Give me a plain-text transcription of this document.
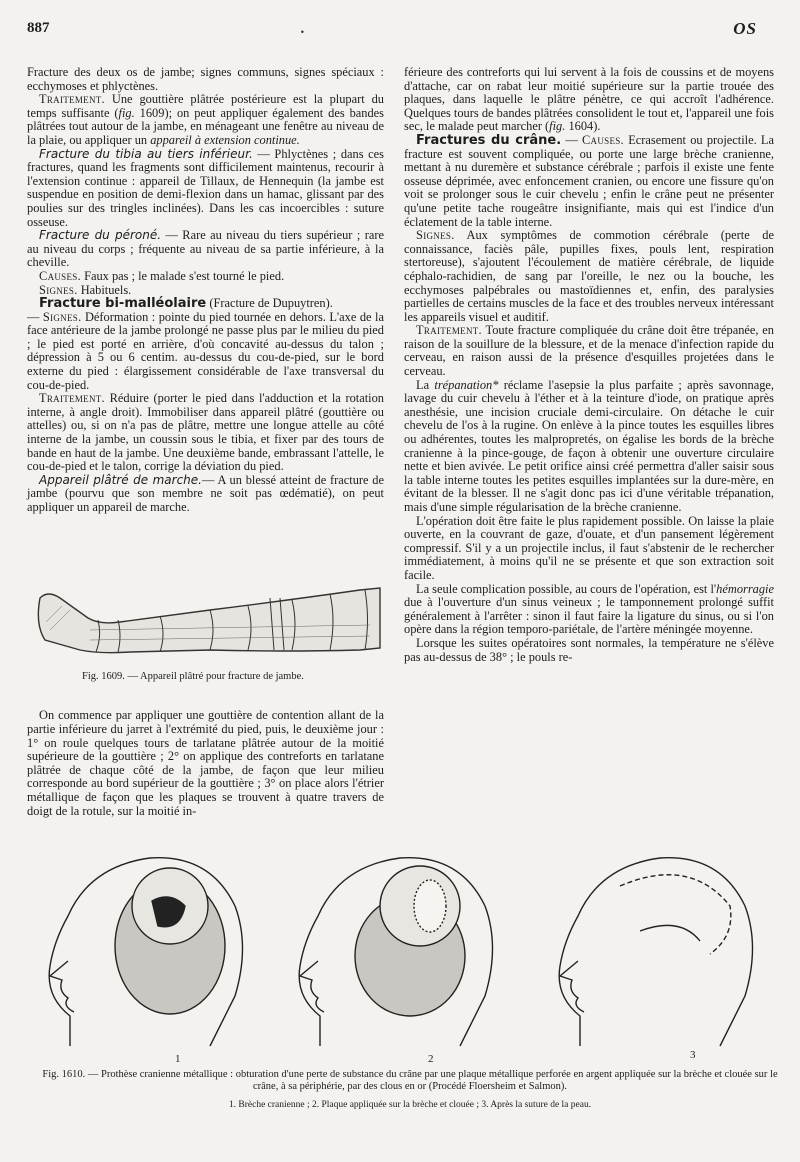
887	•	OS

Fracture des deux os de jambe; signes communs, signes spéciaux : ecchymoses et phlyctènes.

Traitement. Une gouttière plâtrée postérieure est la plupart du temps suffisante (fig. 1609); on peut appliquer également des bandes plâtrées tout autour de la jambe, en ménageant une fenêtre au niveau de la plaie, ou appliquer un appareil à extension continue.

Fracture du tibia au tiers inférieur. — Phlyctènes ; dans ces fractures, quand les fragments sont difficilement maintenus, recourir à l'extension continue : appareil de Tillaux, de Hennequin (la jambe est suspendue en position de demi-flexion dans un hamac, glissant par des poulies sur des tringles inclinées). Dans les cas incoercibles : suture osseuse.

Fracture du péroné. — Rare au niveau du tiers supérieur ; rare au niveau du corps ; fréquente au niveau de sa partie inférieure, à la cheville.

Causes. Faux pas ; le malade s'est tourné le pied.

Signes. Habituels.

Fracture bi-malléolaire (Fracture de Dupuytren).

— Signes. Déformation : pointe du pied tournée en dehors. L'axe de la face antérieure de la jambe prolongé ne passe plus par le milieu du pied ; le pied est porté en arrière, d'où concavité au-dessus du talon ; dépression à 5 ou 6 centim. au-dessus du cou-de-pied, sur le bord externe du pied : élargissement considérable de l'axe transversal du cou-de-pied.

Traitement. Réduire (porter le pied dans l'adduction et la rotation interne, à angle droit). Immobiliser dans appareil plâtré (gouttière ou attelles) ou, si on n'a pas de plâtre, mettre une longue attelle au côté interne de la jambe, un coussin sous le tibia, et fixer par des tours de bande en haut de la jambe. Une deuxième bande, embrassant l'attelle, le cou-de-pied et le talon, corrige la déviation du pied.

Appareil plâtré de marche.— A un blessé atteint de fracture de jambe (pourvu que son membre ne soit pas œdématié), on peut appliquer un appareil de marche.

Fig. 1609. — Appareil plâtré pour fracture de jambe.

On commence par appliquer une gouttière de contention allant de la partie inférieure du jarret à l'extrémité du pied, puis, le deuxième jour : 1° on roule quelques tours de tarlatane plâtrée autour de la moitié supérieure de la gouttière ; 2° on applique des contreforts en tarlatane plâtrée de chaque côté de la jambe, de façon que leur milieu corresponde au bord supérieur de la gouttière ; 3° on place alors l'étrier métallique de façon que les plaques se trouvent à quatre travers de doigt de la rotule, sur la moitié in-

férieure des contreforts qui lui servent à la fois de coussins et de moyens d'attache, car on rabat leur moitié supérieure sur la partie trouée des plaques, dans laquelle le plâtre pénètre, ce qui accroît l'adhérence. Quelques tours de bandes plâtrées consolident le tout et, l'appareil une fois sec, le malade peut marcher (fig. 1604).

Fractures du crâne. — Causes. Ecrasement ou projectile. La fracture est souvent compliquée, ou porte une large brèche cranienne, mettant à nu duremère et substance cérébrale ; parfois il existe une fente osseuse déprimée, avec enfoncement cranien, ou encore une fissure qu'on voit se prolonger sous le cuir chevelu ; enfin le crâne peut ne présenter qu'une petite tache rougeâtre insignifiante, mais qui est l'indice d'un éclatement de la table interne.

Signes. Aux symptômes de commotion cérébrale (perte de connaissance, faciès pâle, pupilles fixes, pouls lent, respiration stertoreuse), s'ajoutent l'écoulement de matière cérébrale, de liquide céphalo-rachidien, de sang par l'oreille, le nez ou la bouche, les ecchymoses palpébrales ou mastoïdiennes et, enfin, des paralysies partielles de certains muscles de la face et des troubles nerveux intéressant les appareils visuel et auditif.

Traitement. Toute fracture compliquée du crâne doit être trépanée, en raison de la souillure de la blessure, et de la menace d'infection rapide du cerveau, en raison aussi de la présence d'esquilles projetées dans le cerveau.

La trépanation* réclame l'asepsie la plus parfaite ; après savonnage, lavage du cuir chevelu à l'éther et à la teinture d'iode, on pratique après anesthésie, une incision cruciale demi-circulaire. On détache le cuir chevelu de l'os à la rugine. On enlève à la pince toutes les esquilles libres ou adhérentes, toutes les malpropretés, on égalise les bords de la brèche cranienne à la pince-gouge, de façon à obtenir une ouverture circulaire nette et bien avivée. Le petit orifice ainsi créé permettra d'aller saisir sous la table interne toutes les petites esquilles implantées sur la dure-mère, en évitant de la blesser. Il ne s'agit donc pas ici d'une véritable trépanation, mais d'une simple régularisation de la brèche cranienne.

L'opération doit être faite le plus rapidement possible. On laisse la plaie ouverte, en la couvrant de gaze, d'ouate, et d'un pansement légèrement compressif. S'il y a un projectile inclus, il faut s'abstenir de le rechercher immédiatement, à moins qu'il ne se présente et que son extraction soit facile.

La seule complication possible, au cours de l'opération, est l'hémorragie due à l'ouverture d'un sinus veineux ; le tamponnement prolongé suffit généralement à l'arrêter : sinon il faut faire la ligature du sinus, ou si l'on opère dans la région temporo-pariétale, de l'artère méningée moyenne.

Lorsque les suites opératoires sont normales, la température ne s'élève pas au-dessus de 38° ; le pouls re-

1	2	3
Fig. 1610. — Prothèse cranienne métallique : obturation d'une perte de substance du crâne par une plaque métallique perforée en argent appliquée sur la brèche et clouée sur le crâne, à sa périphérie, par des clous en or (Procédé Floersheim et Salmon).
1. Brèche cranienne ; 2. Plaque appliquée sur la brèche et clouée ; 3. Après la suture de la peau.
